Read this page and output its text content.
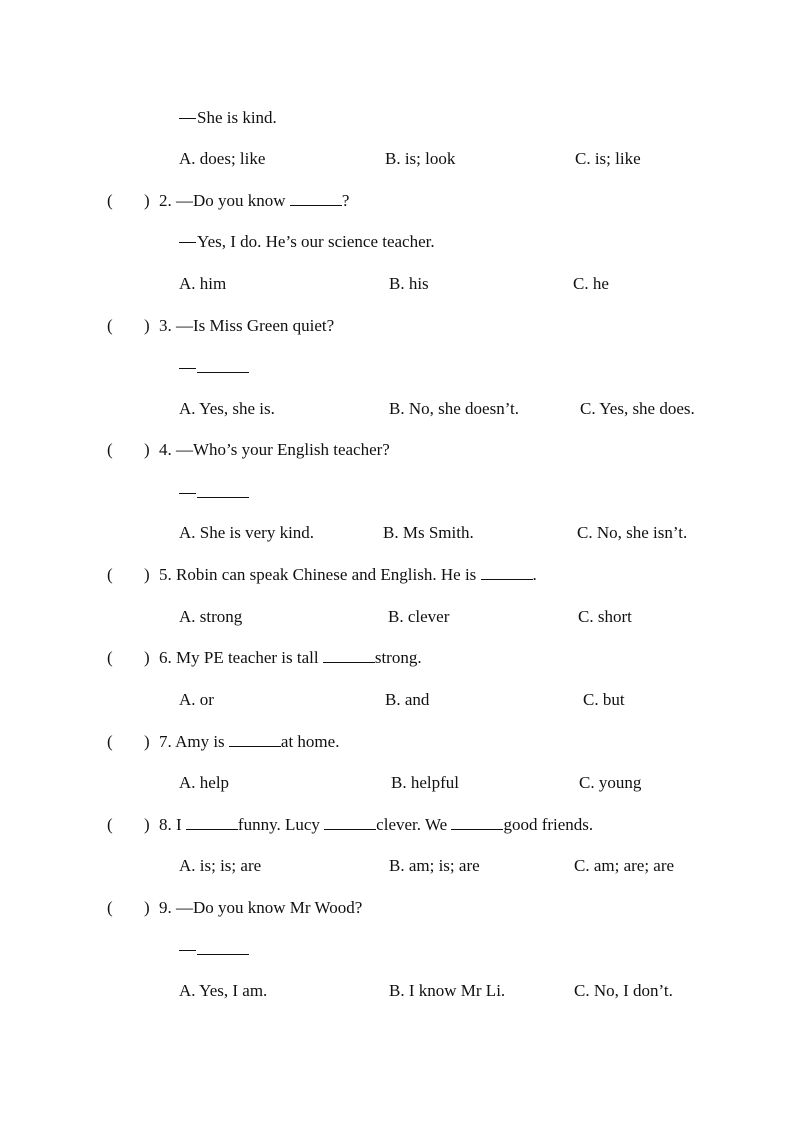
She is kind.
A. does; like	B. is; look	C. is; like
( ) 2. —Do you know	?
Yes, I do. He’s our science teacher.
A. him	B. his	C. he
( ) 3. —Is Miss Green quiet?
A. Yes, she is.	B. No, she doesn’t.	C. Yes, she does.
( ) 4. —Who’s your English teacher?
A. She is very kind.	B. Ms Smith.	C. No, she isn’t.
( ) 5. Robin can speak Chinese and English. He is	.
A. strong	B. clever	C. short
( ) 6. My PE teacher is tall	strong.
A. or	B. and	C. but
( ) 7. Amy is	at home.
A. help	B. helpful	C. young
( ) 8. I	funny. Lucy	clever. We	good friends.
A. is; is; are	B. am; is; are	C. am; are; are
( ) 9. —Do you know Mr Wood?
A. Yes, I am.	B. I know Mr Li.	C. No, I don’t.
